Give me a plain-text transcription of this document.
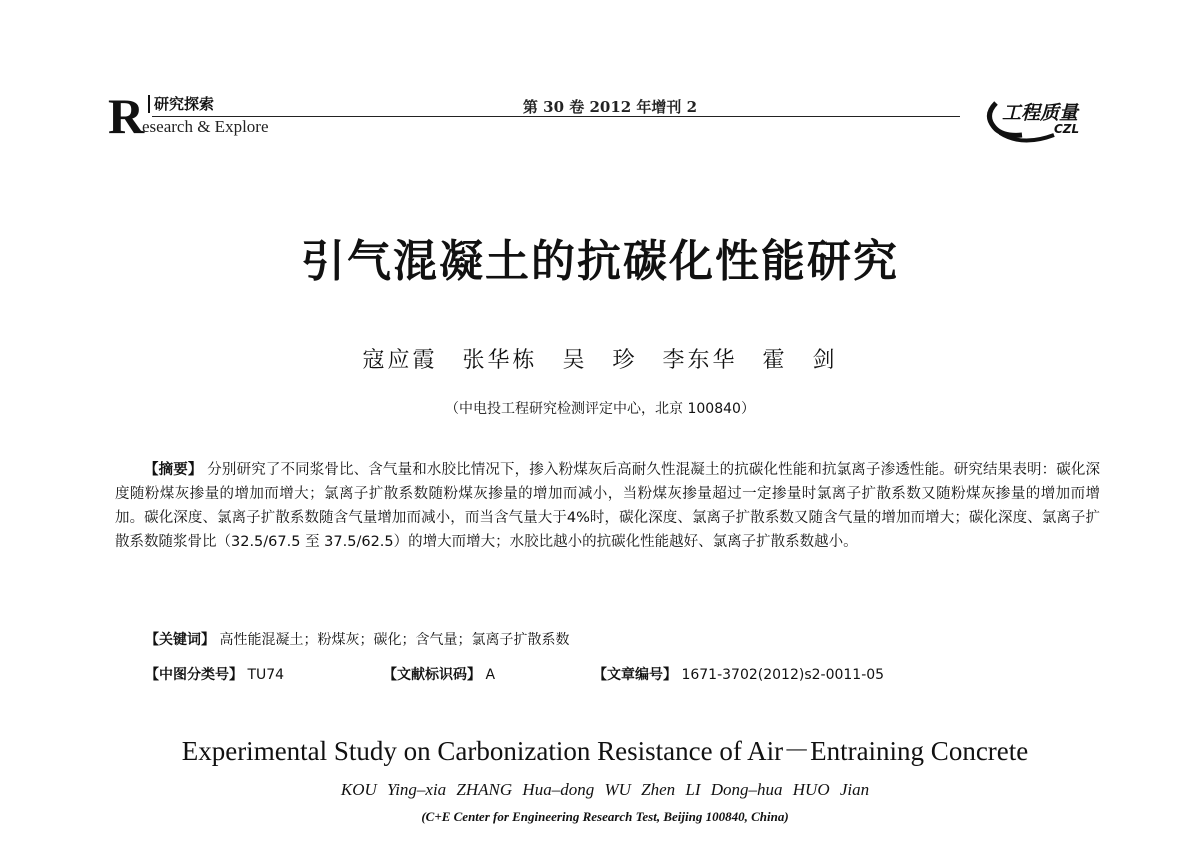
R 研究探索
esearch & Explore
第 30 卷 2012 年增刊 2	工程质量
CZL
引气混凝土的抗碳化性能研究
寇应霞　张华栋　吴　珍　李东华　霍　剑
（中电投工程研究检测评定中心，北京 100840）

【摘要】 分别研究了不同浆骨比、含气量和水胶比情况下，掺入粉煤灰后高耐久性混凝土的抗碳化性能和抗氯离子渗透性能。研究结果表明：碳化深度随粉煤灰掺量的增加而增大；氯离子扩散系数随粉煤灰掺量的增加而减小，当粉煤灰掺量超过一定掺量时氯离子扩散系数又随粉煤灰掺量的增加而增加。碳化深度、氯离子扩散系数随含气量增加而减小，而当含气量大于4%时，碳化深度、氯离子扩散系数又随含气量的增加而增大；碳化深度、氯离子扩散系数随浆骨比（32.5/67.5 至 37.5/62.5）的增大而增大；水胶比越小的抗碳化性能越好、氯离子扩散系数越小。

【关键词】 高性能混凝土；粉煤灰；碳化；含气量；氯离子扩散系数
【中图分类号】 TU74	【文献标识码】 A	【文章编号】 1671-3702(2012)s2-0011-05
Experimental Study on Carbonization Resistance of Air－Entraining Concrete
KOU Ying–xia ZHANG Hua–dong WU Zhen LI Dong–hua HUO Jian
(C+E Center for Engineering Research Test, Beijing 100840, China)
